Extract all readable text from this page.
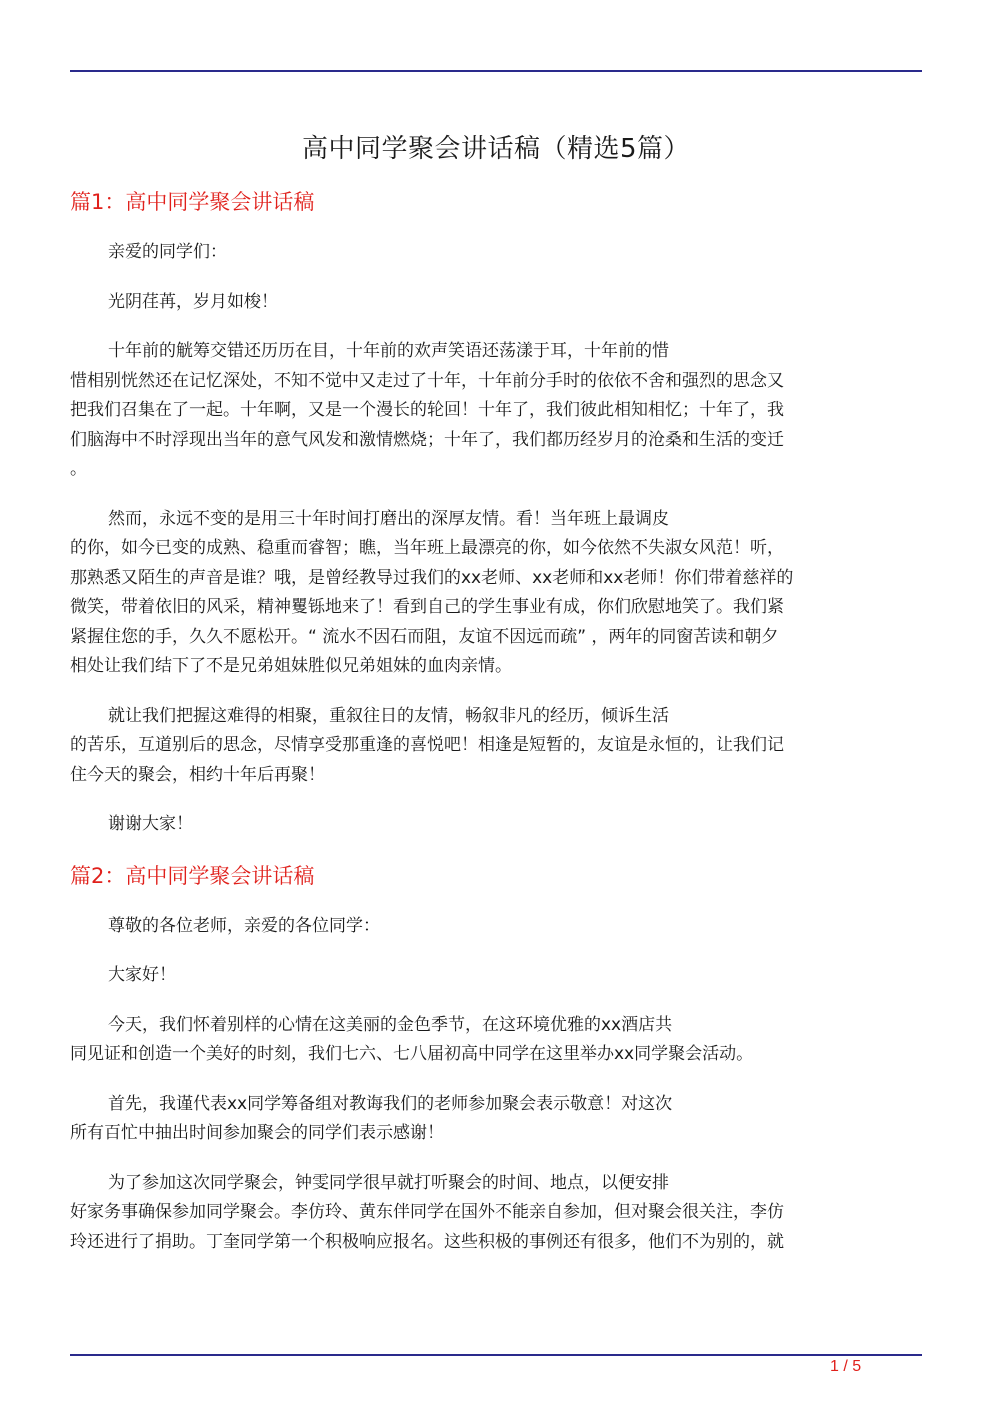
高中同学聚会讲话稿（精选5篇）
篇1：高中同学聚会讲话稿
亲爱的同学们：
光阴荏苒，岁月如梭！
十年前的觥筹交错还历历在目，十年前的欢声笑语还荡漾于耳，十年前的惜
惜相别恍然还在记忆深处，不知不觉中又走过了十年，十年前分手时的依依不舍和强烈的思念又
把我们召集在了一起。十年啊，又是一个漫长的轮回！十年了，我们彼此相知相忆；十年了，我
们脑海中不时浮现出当年的意气风发和激情燃烧；十年了，我们都历经岁月的沧桑和生活的变迁
。
然而，永远不变的是用三十年时间打磨出的深厚友情。看！当年班上最调皮
的你，如今已变的成熟、稳重而睿智；瞧，当年班上最漂亮的你，如今依然不失淑女风范！听，
那熟悉又陌生的声音是谁？哦，是曾经教导过我们的xx老师、xx老师和xx老师！你们带着慈祥的
微笑，带着依旧的风采，精神矍铄地来了！看到自己的学生事业有成，你们欣慰地笑了。我们紧
紧握住您的手，久久不愿松开。“ 流水不因石而阻，友谊不因远而疏” ，两年的同窗苦读和朝夕
相处让我们结下了不是兄弟姐妹胜似兄弟姐妹的血肉亲情。
就让我们把握这难得的相聚，重叙往日的友情，畅叙非凡的经历，倾诉生活
的苦乐，互道别后的思念，尽情享受那重逢的喜悦吧！相逢是短暂的，友谊是永恒的，让我们记
住今天的聚会，相约十年后再聚！
谢谢大家！
篇2：高中同学聚会讲话稿
尊敬的各位老师，亲爱的各位同学：
大家好！
今天，我们怀着别样的心情在这美丽的金色季节，在这环境优雅的xx酒店共
同见证和创造一个美好的时刻，我们七六、七八届初高中同学在这里举办xx同学聚会活动。
首先，我谨代表xx同学筹备组对教诲我们的老师参加聚会表示敬意！对这次
所有百忙中抽出时间参加聚会的同学们表示感谢！
为了参加这次同学聚会，钟雯同学很早就打听聚会的时间、地点，以便安排
好家务事确保参加同学聚会。李仿玲、黄东伴同学在国外不能亲自参加，但对聚会很关注，李仿
玲还进行了捐助。丁奎同学第一个积极响应报名。这些积极的事例还有很多，他们不为别的，就
1 / 5
